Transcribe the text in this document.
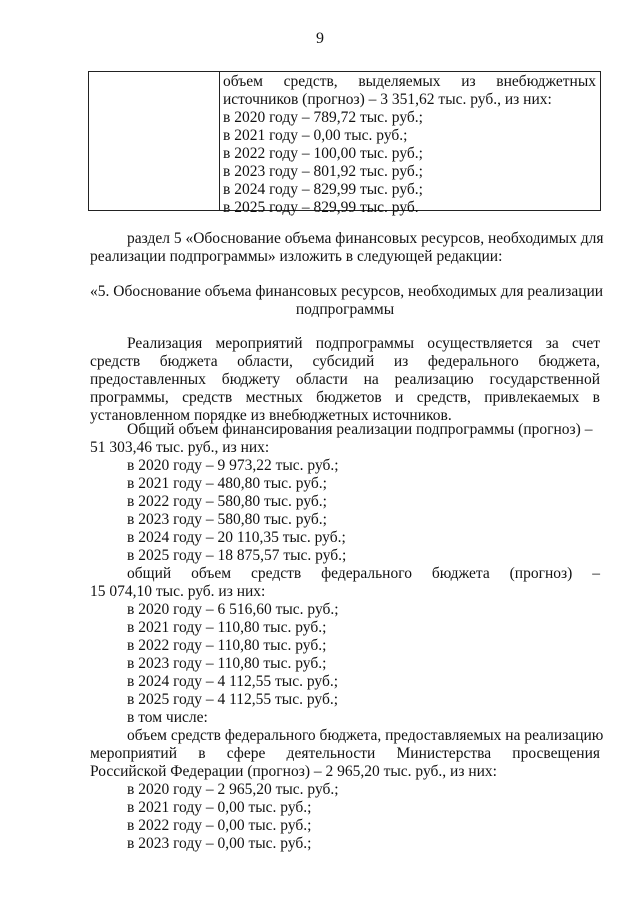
9
объем средств, выделяемых из внебюджетных
источников (прогноз) – 3 351,62 тыс. руб., из них:
в 2020 году – 789,72 тыс. руб.;
в 2021 году – 0,00 тыс. руб.;
в 2022 году – 100,00 тыс. руб.;
в 2023 году – 801,92 тыс. руб.;
в 2024 году – 829,99 тыс. руб.;
в 2025 году – 829,99 тыс. руб.
раздел 5 «Обоснование объема финансовых ресурсов, необходимых для
реализации подпрограммы» изложить в следующей редакции:
«5. Обоснование объема финансовых ресурсов, необходимых для реализации
подпрограммы
Реализация мероприятий подпрограммы осуществляется за счет
средств бюджета области, субсидий из федерального бюджета,
предоставленных бюджету области на реализацию государственной
программы, средств местных бюджетов и средств, привлекаемых в
установленном порядке из внебюджетных источников.
Общий объем финансирования реализации подпрограммы (прогноз) –
51 303,46 тыс. руб., из них:
в 2020 году – 9 973,22 тыс. руб.;
в 2021 году – 480,80 тыс. руб.;
в 2022 году – 580,80 тыс. руб.;
в 2023 году – 580,80 тыс. руб.;
в 2024 году – 20 110,35 тыс. руб.;
в 2025 году – 18 875,57 тыс. руб.;
общий объем средств федерального бюджета (прогноз) –
15 074,10 тыс. руб. из них:
в 2020 году – 6 516,60 тыс. руб.;
в 2021 году – 110,80 тыс. руб.;
в 2022 году – 110,80 тыс. руб.;
в 2023 году – 110,80 тыс. руб.;
в 2024 году – 4 112,55 тыс. руб.;
в 2025 году – 4 112,55 тыс. руб.;
в том числе:
объем средств федерального бюджета, предоставляемых на реализацию
мероприятий в сфере деятельности Министерства просвещения
Российской Федерации (прогноз) – 2 965,20 тыс. руб., из них:
в 2020 году – 2 965,20 тыс. руб.;
в 2021 году – 0,00 тыс. руб.;
в 2022 году – 0,00 тыс. руб.;
в 2023 году – 0,00 тыс. руб.;
